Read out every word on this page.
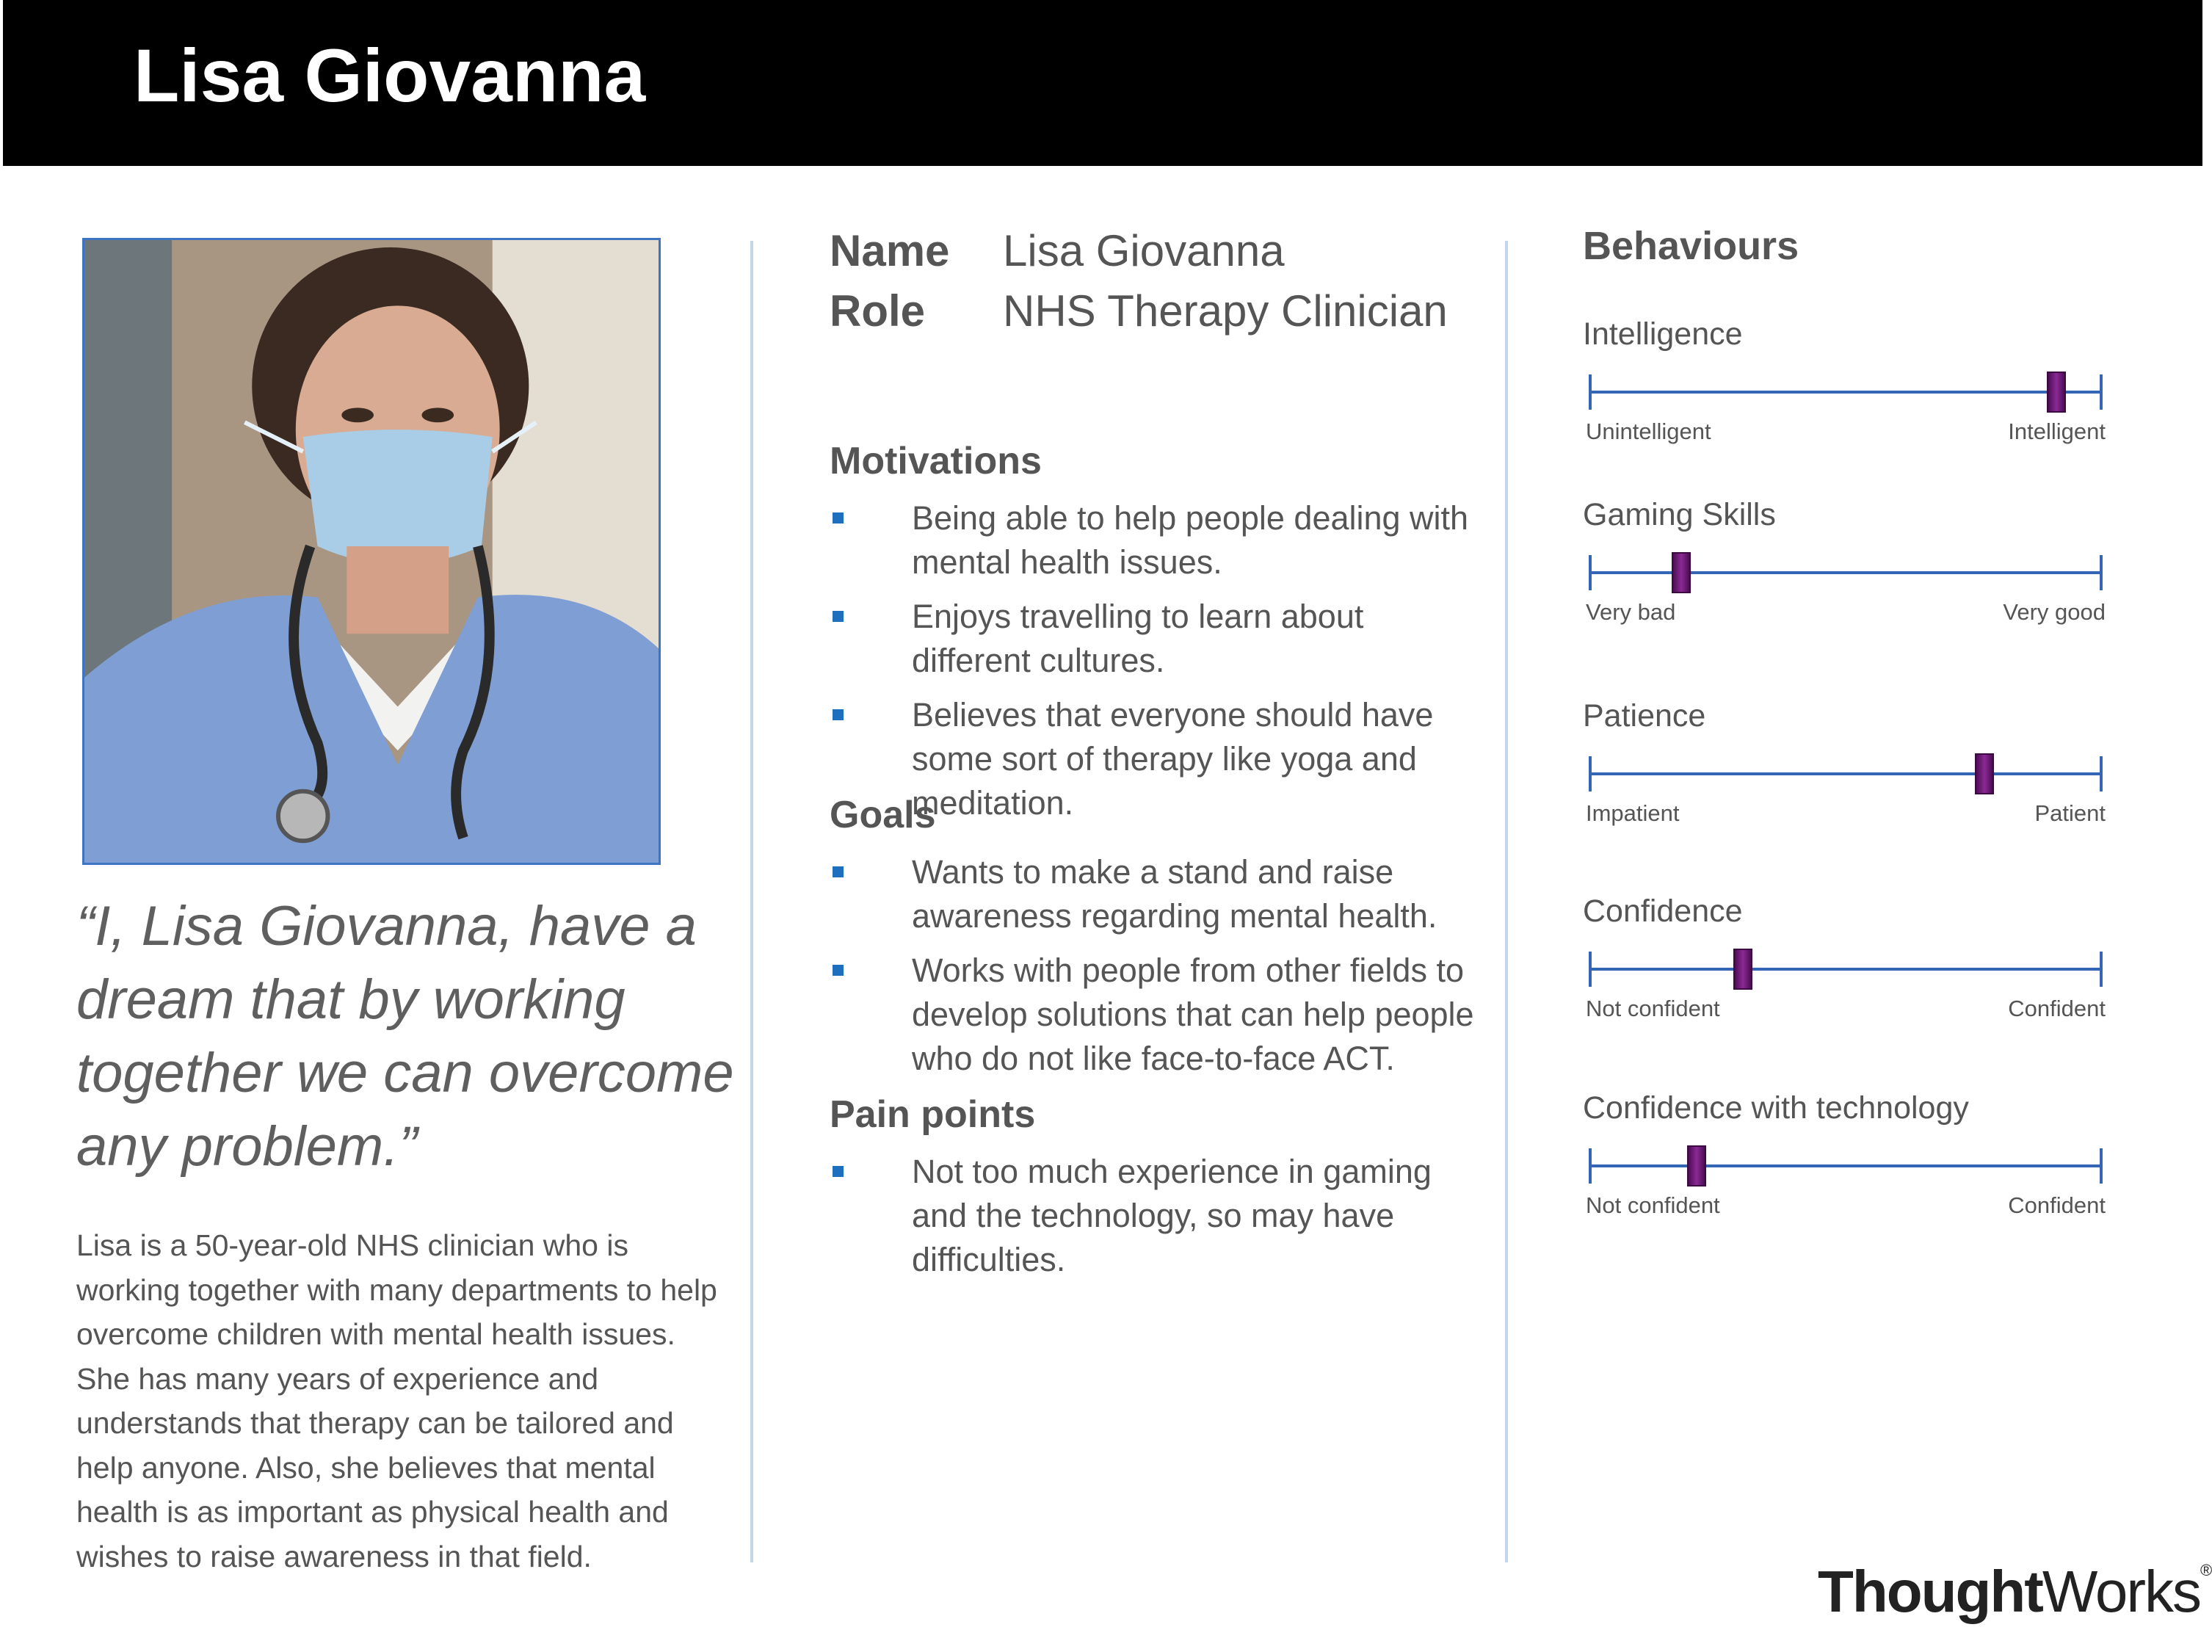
Lisa Giovanna

“I, Lisa Giovanna, have a dream that by working together we can overcome any problem.”

Lisa is a 50-year-old NHS clinician who is working together with many departments to help overcome children with mental health issues. She has many years of experience and understands that therapy can be tailored and help anyone. Also, she believes that mental health is as important as physical health and wishes to raise awareness in that field.

Name Lisa Giovanna
Role NHS Therapy Clinician
Motivations
Being able to help people dealing with mental health issues.
Enjoys travelling to learn about different cultures.
Believes that everyone should have some sort of therapy like yoga and meditation.
Goals
Wants to make a stand and raise awareness regarding mental health.
Works with people from other fields to develop solutions that can help people who do not like face-to-face ACT.
Pain points
Not too much experience in gaming and the technology, so may have difficulties.
Behaviours
Intelligence
Unintelligent	Intelligent
Gaming Skills
Very bad	Very good
Patience
Impatient	Patient
Confidence
Not confident	Confident
Confidence with technology
Not confident	Confident
ThoughtWorks®
